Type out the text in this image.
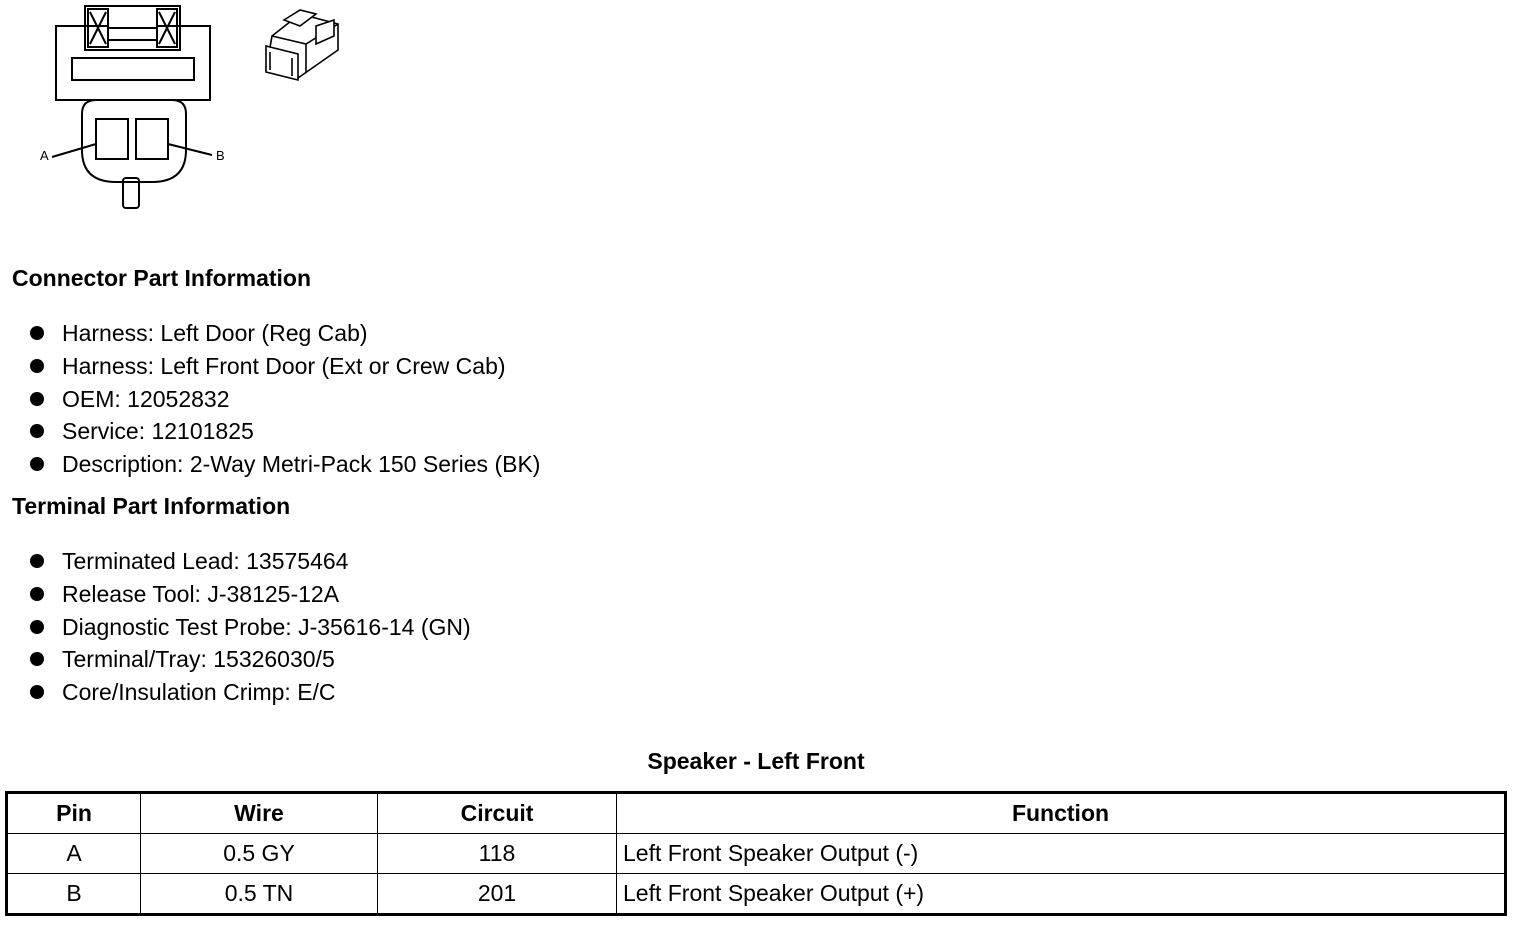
A	B
Connector Part Information
Harness: Left Door (Reg Cab)
Harness: Left Front Door (Ext or Crew Cab)
OEM: 12052832
Service: 12101825
Description: 2-Way Metri-Pack 150 Series (BK)
Terminal Part Information
Terminated Lead: 13575464
Release Tool: J-38125-12A
Diagnostic Test Probe: J-35616-14 (GN)
Terminal/Tray: 15326030/5
Core/Insulation Crimp: E/C
Speaker - Left Front
Pin	Wire	Circuit	Function
A	0.5 GY	118	Left Front Speaker Output (-)
B	0.5 TN	201	Left Front Speaker Output (+)
